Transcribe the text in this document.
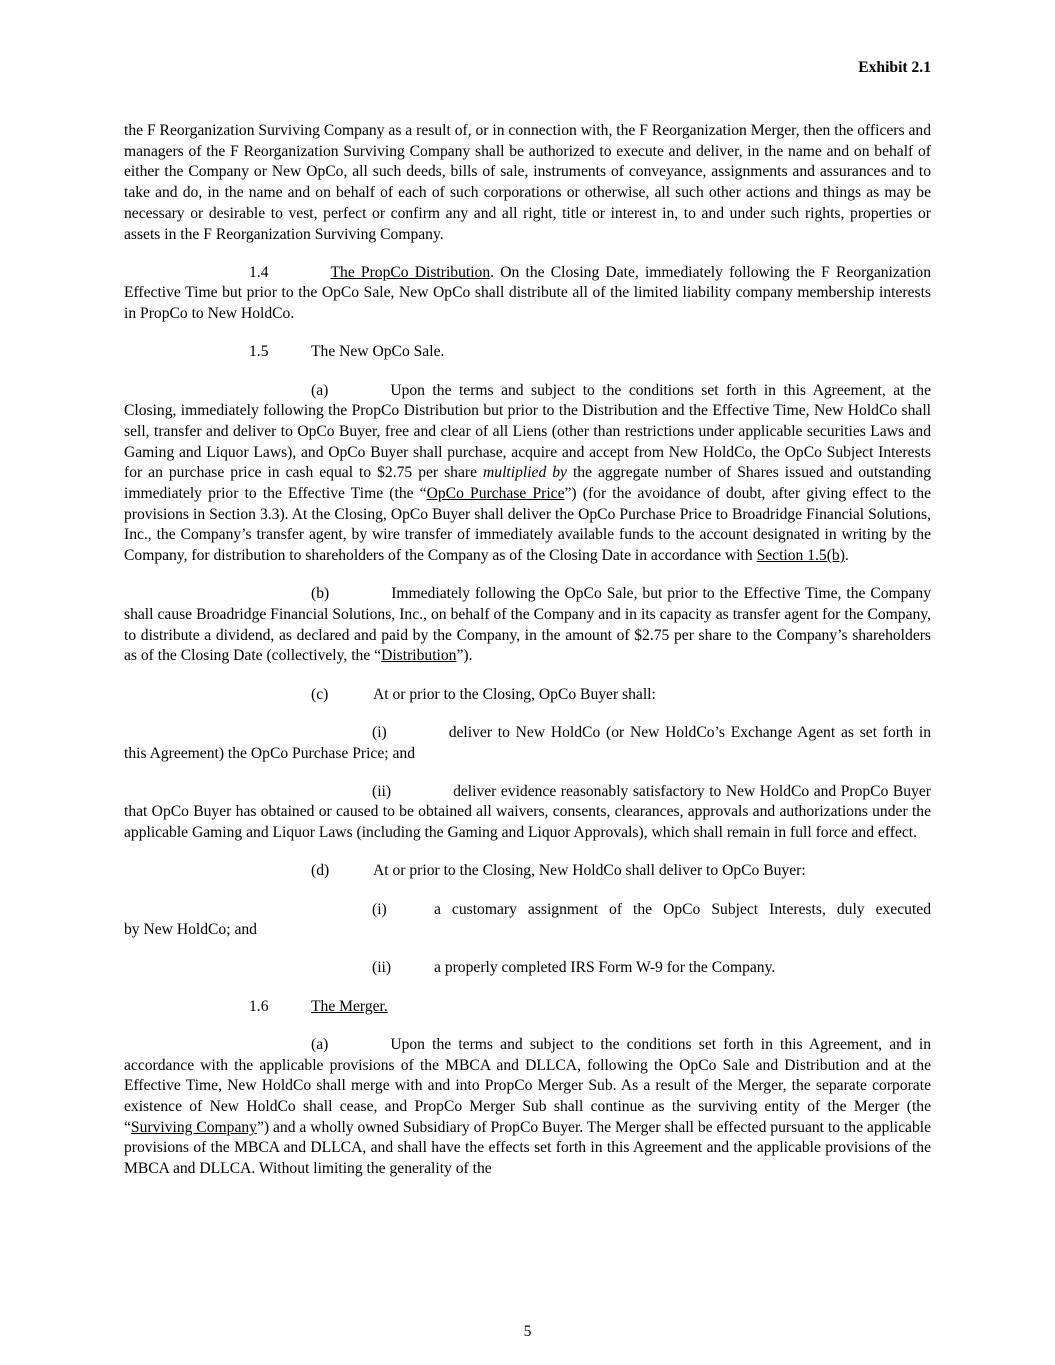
Exhibit 2.1

the F Reorganization Surviving Company as a result of, or in connection with, the F Reorganization Merger, then the officers and managers of the F Reorganization Surviving Company shall be authorized to execute and deliver, in the name and on behalf of either the Company or New OpCo, all such deeds, bills of sale, instruments of conveyance, assignments and assurances and to take and do, in the name and on behalf of each of such corporations or otherwise, all such other actions and things as may be necessary or desirable to vest, perfect or confirm any and all right, title or interest in, to and under such rights, properties or assets in the F Reorganization Surviving Company.

1.4	The PropCo Distribution. On the Closing Date, immediately following the F Reorganization Effective Time but prior to the OpCo Sale, New OpCo shall distribute all of the limited liability company membership interests in PropCo to New HoldCo.

1.5	The New OpCo Sale.

(a)	Upon the terms and subject to the conditions set forth in this Agreement, at the Closing, immediately following the PropCo Distribution but prior to the Distribution and the Effective Time, New HoldCo shall sell, transfer and deliver to OpCo Buyer, free and clear of all Liens (other than restrictions under applicable securities Laws and Gaming and Liquor Laws), and OpCo Buyer shall purchase, acquire and accept from New HoldCo, the OpCo Subject Interests for an purchase price in cash equal to $2.75 per share multiplied by the aggregate number of Shares issued and outstanding immediately prior to the Effective Time (the “OpCo Purchase Price”) (for the avoidance of doubt, after giving effect to the provisions in Section 3.3). At the Closing, OpCo Buyer shall deliver the OpCo Purchase Price to Broadridge Financial Solutions, Inc., the Company’s transfer agent, by wire transfer of immediately available funds to the account designated in writing by the Company, for distribution to shareholders of the Company as of the Closing Date in accordance with Section 1.5(b).

(b)	Immediately following the OpCo Sale, but prior to the Effective Time, the Company shall cause Broadridge Financial Solutions, Inc., on behalf of the Company and in its capacity as transfer agent for the Company, to distribute a dividend, as declared and paid by the Company, in the amount of $2.75 per share to the Company’s shareholders as of the Closing Date (collectively, the “Distribution”).

(c)	At or prior to the Closing, OpCo Buyer shall:

(i)	deliver to New HoldCo (or New HoldCo’s Exchange Agent as set forth in this Agreement) the OpCo Purchase Price; and

(ii)	deliver evidence reasonably satisfactory to New HoldCo and PropCo Buyer that OpCo Buyer has obtained or caused to be obtained all waivers, consents, clearances, approvals and authorizations under the applicable Gaming and Liquor Laws (including the Gaming and Liquor Approvals), which shall remain in full force and effect.

(d)	At or prior to the Closing, New HoldCo shall deliver to OpCo Buyer:
(i)	a customary assignment of the OpCo Subject Interests, duly executed
by New HoldCo; and
(ii)	a properly completed IRS Form W-9 for the Company.
1.6	The Merger.

(a)	Upon the terms and subject to the conditions set forth in this Agreement, and in accordance with the applicable provisions of the MBCA and DLLCA, following the OpCo Sale and Distribution and at the Effective Time, New HoldCo shall merge with and into PropCo Merger Sub. As a result of the Merger, the separate corporate existence of New HoldCo shall cease, and PropCo Merger Sub shall continue as the surviving entity of the Merger (the “Surviving Company”) and a wholly owned Subsidiary of PropCo Buyer. The Merger shall be effected pursuant to the applicable provisions of the MBCA and DLLCA, and shall have the effects set forth in this Agreement and the applicable provisions of the MBCA and DLLCA. Without limiting the generality of the

5
